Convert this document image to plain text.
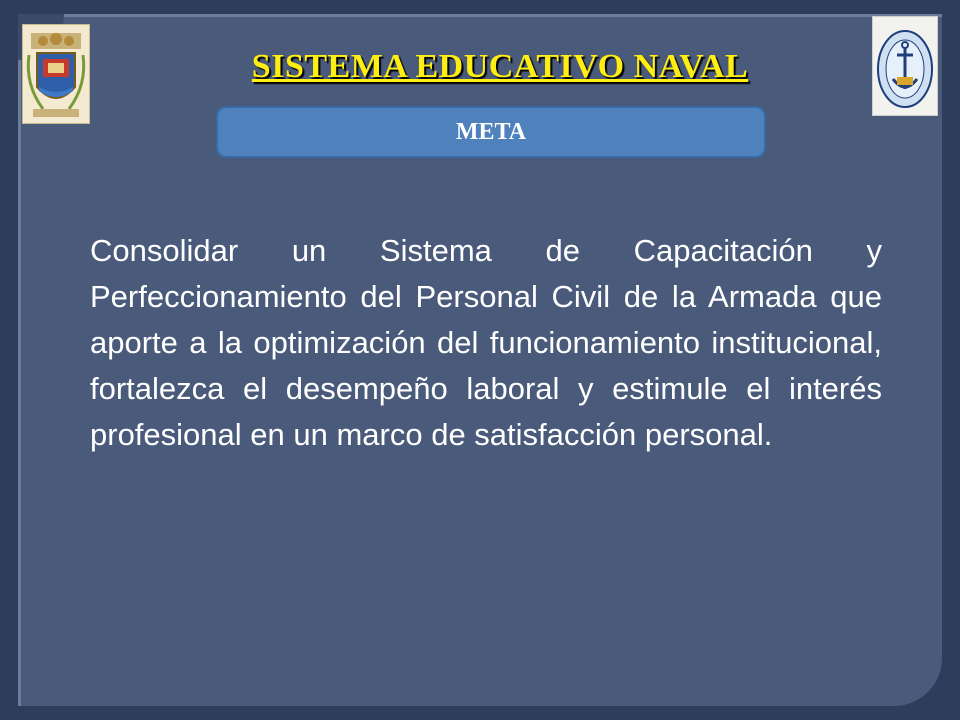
SISTEMA EDUCATIVO NAVAL
META
Consolidar un Sistema de Capacitación y Perfeccionamiento del Personal Civil de la Armada que aporte a la optimización del funcionamiento institucional, fortalezca el desempeño laboral y estimule el interés profesional en un marco de satisfacción personal.
